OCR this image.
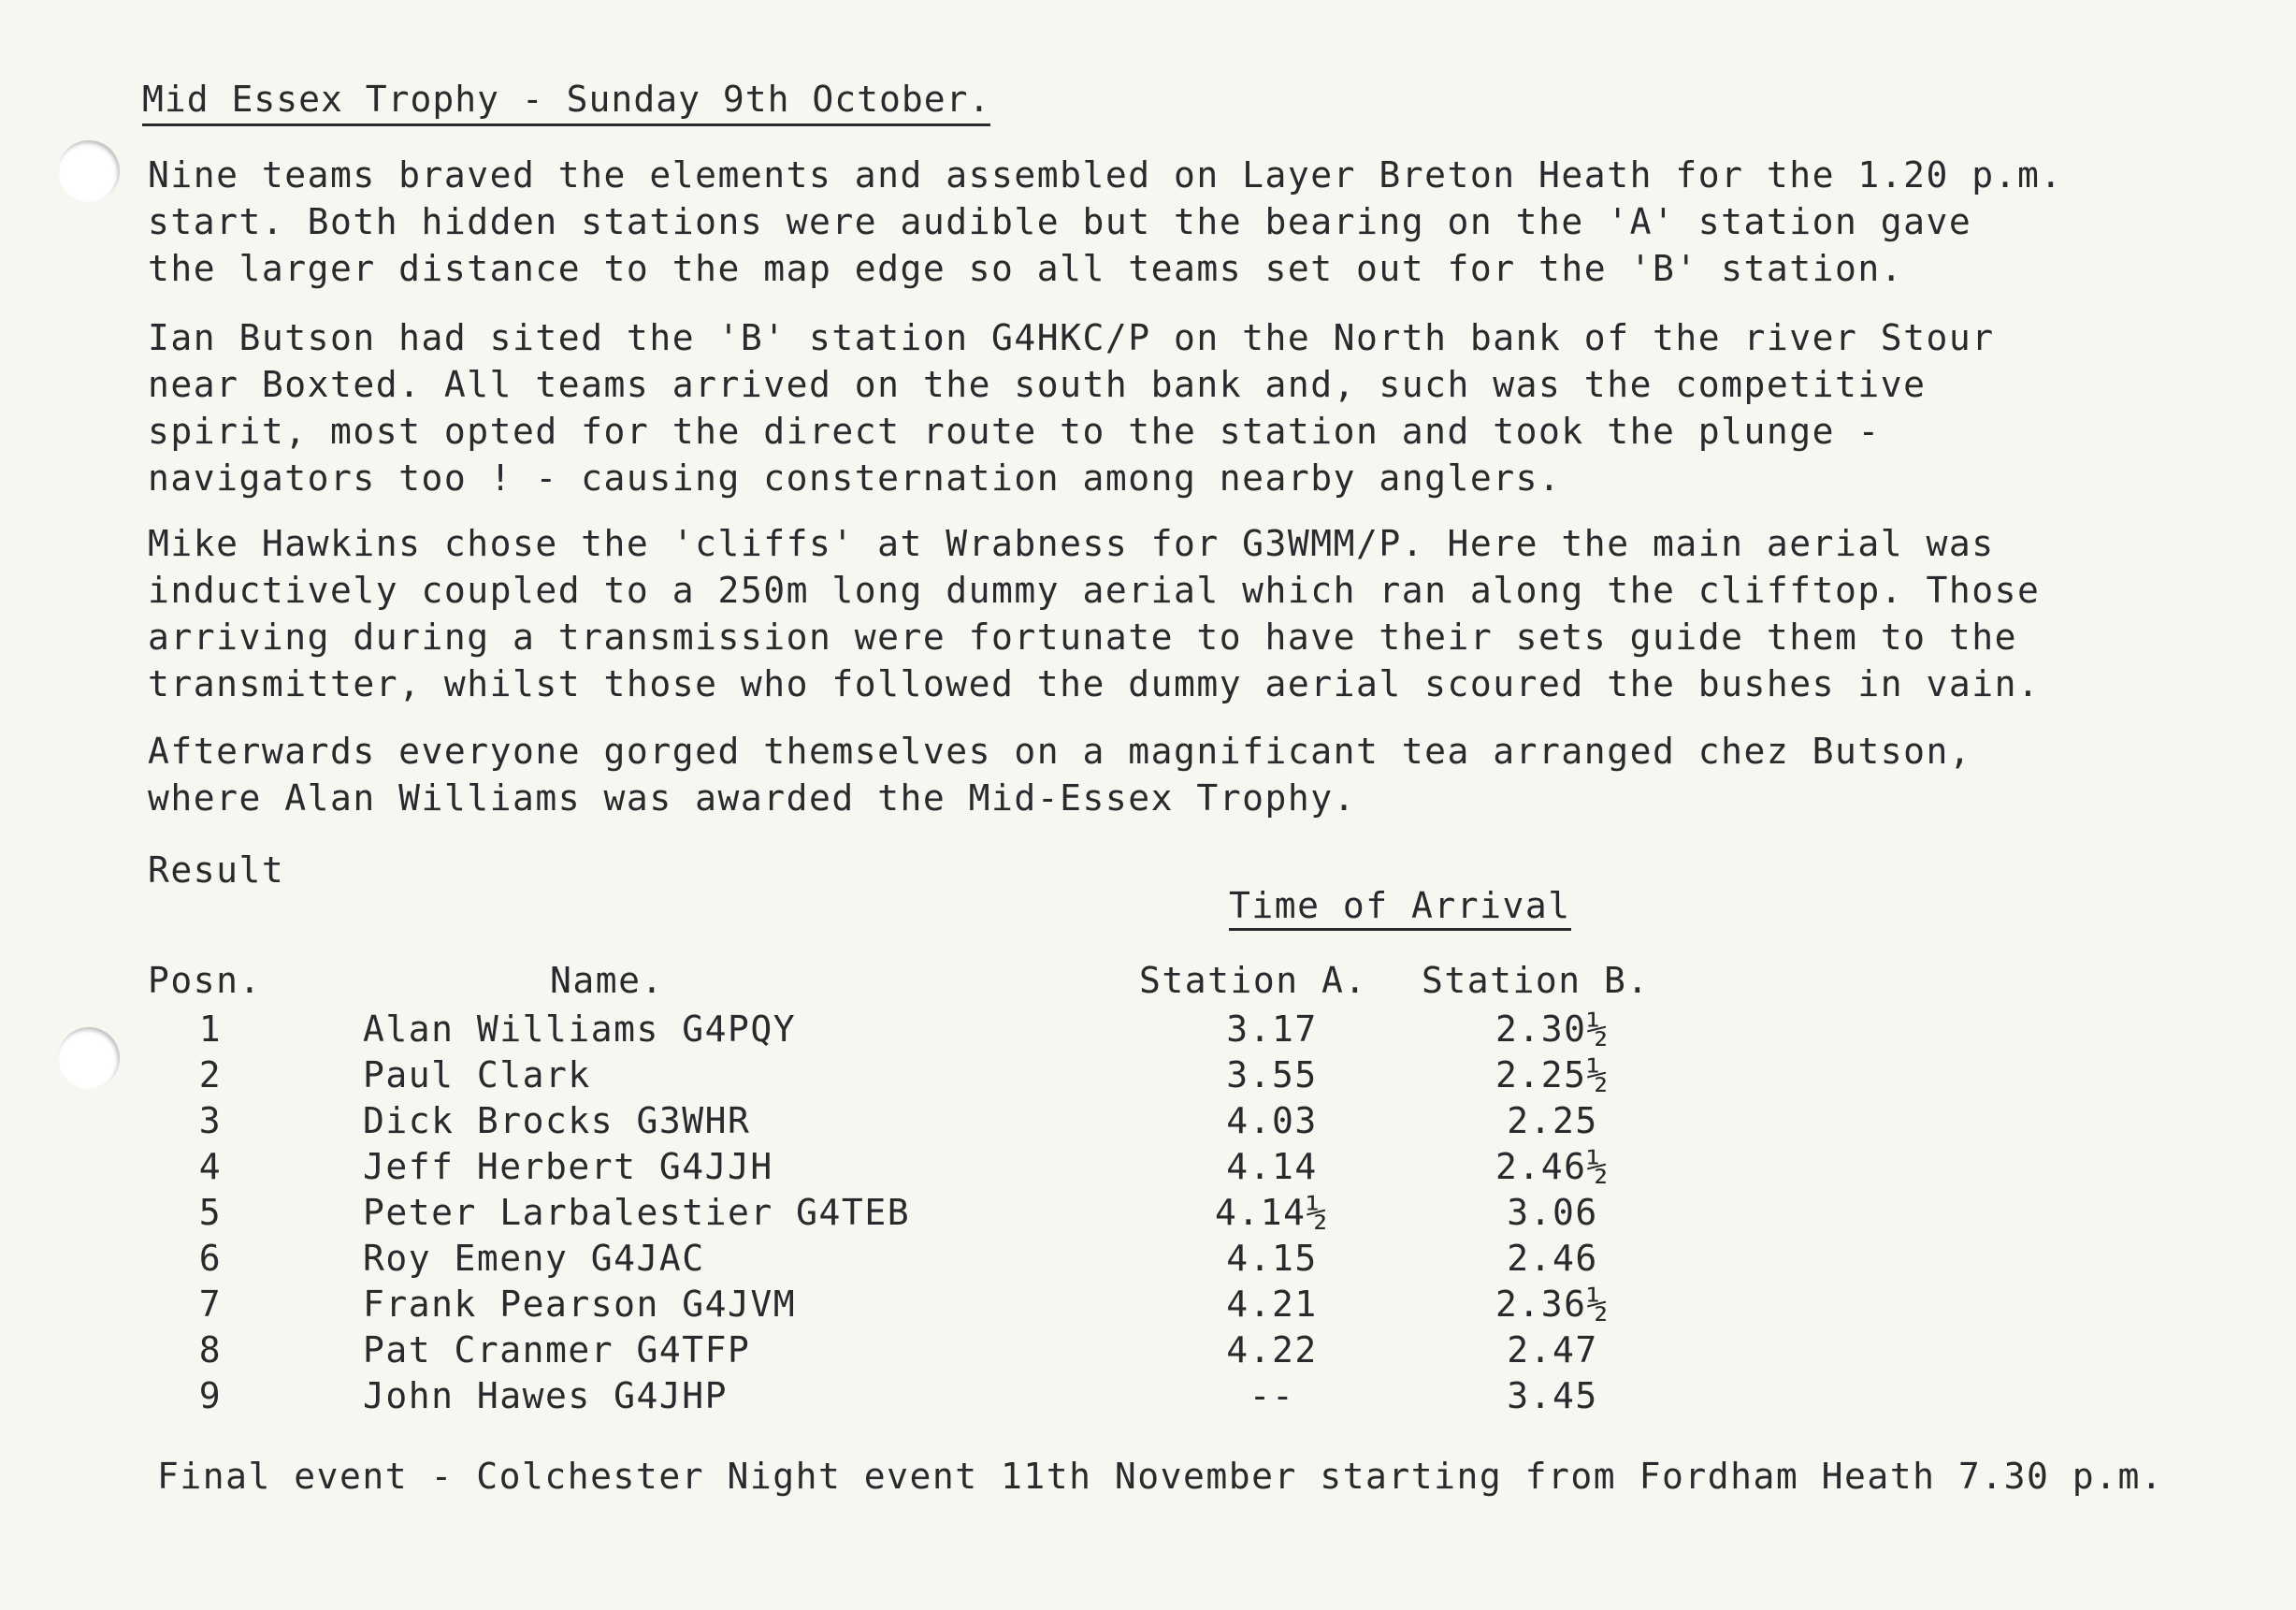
Mid Essex Trophy - Sunday 9th October.
Nine teams braved the elements and assembled on Layer Breton Heath for the 1.20 p.m.
start. Both hidden stations were audible but the bearing on the 'A' station gave
the larger distance to the map edge so all teams set out for the 'B' station.
Ian Butson had sited the 'B' station G4HKC/P on the North bank of the river Stour
near Boxted. All teams arrived on the south bank and, such was the competitive
spirit, most opted for the direct route to the station and took the plunge -
navigators too ! - causing consternation among nearby anglers.
Mike Hawkins chose the 'cliffs' at Wrabness for G3WMM/P. Here the main aerial was
inductively coupled to a 250m long dummy aerial which ran along the clifftop. Those
arriving during a transmission were fortunate to have their sets guide them to the
transmitter, whilst those who followed the dummy aerial scoured the bushes in vain.
Afterwards everyone gorged themselves on a magnificant tea arranged chez Butson,
where Alan Williams was awarded the Mid-Essex Trophy.
Result
Time of Arrival
Posn.	Name.	Station A. Station B.
1	Alan Williams G4PQY	3.17	2.30½
2	Paul Clark	3.55	2.25½
3	Dick Brocks G3WHR	4.03	2.25
4	Jeff Herbert G4JJH	4.14	2.46½
5	Peter Larbalestier G4TEB	4.14½	3.06
6	Roy Emeny G4JAC	4.15	2.46
7	Frank Pearson G4JVM	4.21	2.36½
8	Pat Cranmer G4TFP	4.22	2.47
9	John Hawes G4JHP	--	3.45
Final event - Colchester Night event 11th November starting from Fordham Heath 7.30 p.m.
